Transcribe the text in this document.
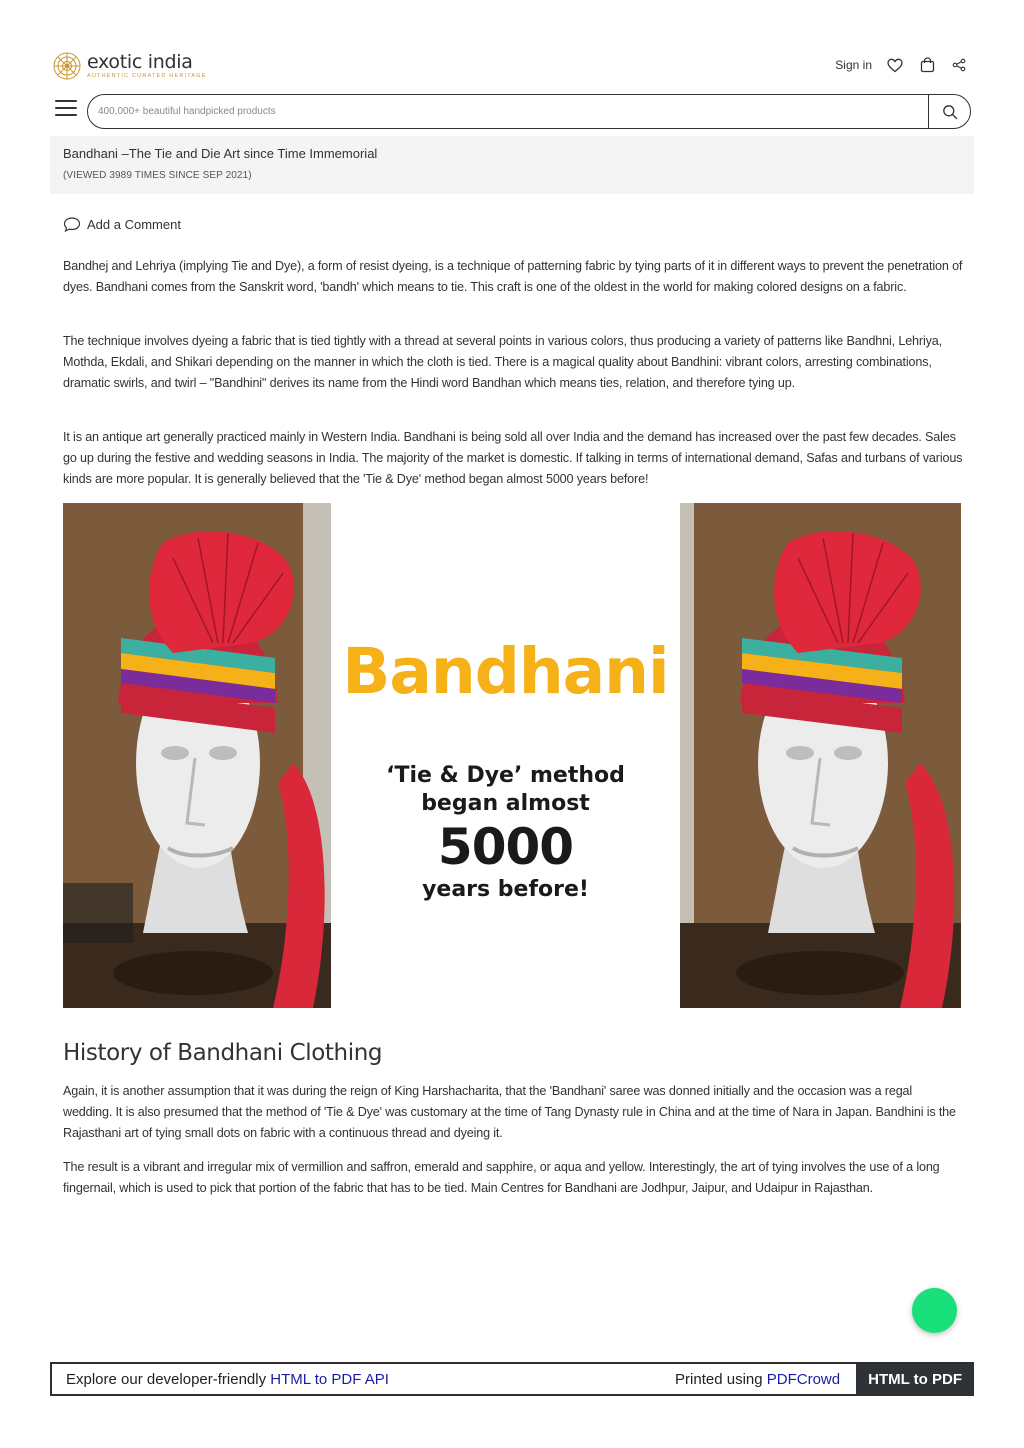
exotic india
AUTHENTIC CURATED HERITAGE
Sign in
400,000+ beautiful handpicked products
Bandhani –The Tie and Die Art since Time Immemorial
(VIEWED 3989 TIMES SINCE SEP 2021)
Add a Comment

Bandhej and Lehriya (implying Tie and Dye), a form of resist dyeing, is a technique of patterning fabric by tying parts of it in different ways to prevent the penetration of dyes. Bandhani comes from the Sanskrit word, 'bandh' which means to tie. This craft is one of the oldest in the world for making colored designs on a fabric.

The technique involves dyeing a fabric that is tied tightly with a thread at several points in various colors, thus producing a variety of patterns like Bandhni, Lehriya, Mothda, Ekdali, and Shikari depending on the manner in which the cloth is tied. There is a magical quality about Bandhini: vibrant colors, arresting combinations, dramatic swirls, and twirl – "Bandhini" derives its name from the Hindi word Bandhan which means ties, relation, and therefore tying up.

It is an antique art generally practiced mainly in Western India. Bandhani is being sold all over India and the demand has increased over the past few decades. Sales go up during the festive and wedding seasons in India. The majority of the market is domestic. If talking in terms of international demand, Safas and turbans of various kinds are more popular. It is generally believed that the 'Tie & Dye' method began almost 5000 years before!

Bandhani
‘Tie & Dye’ method
began almost
5000
years before!
History of Bandhani Clothing

Again, it is another assumption that it was during the reign of King Harshacharita, that the 'Bandhani' saree was donned initially and the occasion was a regal wedding. It is also presumed that the method of 'Tie & Dye' was customary at the time of Tang Dynasty rule in China and at the time of Nara in Japan. Bandhini is the Rajasthani art of tying small dots on fabric with a continuous thread and dyeing it.

The result is a vibrant and irregular mix of vermillion and saffron, emerald and sapphire, or aqua and yellow. Interestingly, the art of tying involves the use of a long fingernail, which is used to pick that portion of the fabric that has to be tied. Main Centres for Bandhani are Jodhpur, Jaipur, and Udaipur in Rajasthan.

Explore our developer-friendly HTML to PDF API	Printed using PDFCrowd	HTML to PDF
